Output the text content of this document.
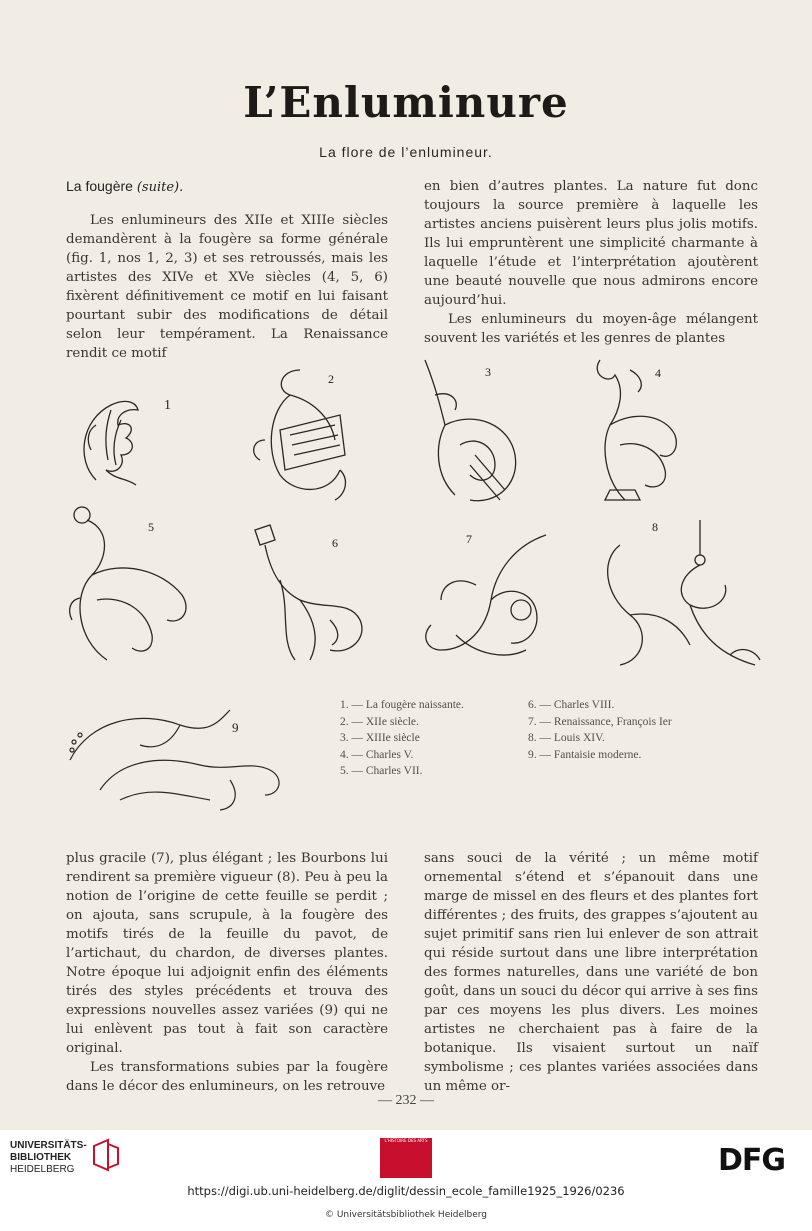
L’Enluminure
La flore de l’enlumineur.

La fougère (suite).

Les enlumineurs des XIIe et XIIIe siècles demandèrent à la fougère sa forme générale (fig. 1, nos 1, 2, 3) et ses retroussés, mais les artistes des XIVe et XVe siècles (4, 5, 6) fixèrent définitivement ce motif en lui faisant pourtant subir des modifications de détail selon leur tempérament. La Renaissance rendit ce motif

en bien d’autres plantes. La nature fut donc toujours la source première à laquelle les artistes anciens puisèrent leurs plus jolis motifs. Ils lui empruntèrent une simplicité charmante à laquelle l’étude et l’interprétation ajoutèrent une beauté nouvelle que nous admirons encore aujourd’hui.

Les enlumineurs du moyen-âge mélangent souvent les variétés et les genres de plantes

1
2	3	4
5
6	7
8
9
1. — La fougère naissante.
2. — XIIe siècle.
3. — XIIIe siècle
4. — Charles V.
5. — Charles VII.
6. — Charles VIII.
7. — Renaissance, François Ier
8. — Louis XIV.
9. — Fantaisie moderne.

plus gracile (7), plus élégant ; les Bourbons lui rendirent sa première vigueur (8). Peu à peu la notion de l’origine de cette feuille se perdit ; on ajouta, sans scrupule, à la fougère des motifs tirés de la feuille du pavot, de l’artichaut, du chardon, de diverses plantes. Notre époque lui adjoignit enfin des éléments tirés des styles précédents et trouva des expressions nouvelles assez variées (9) qui ne lui enlèvent pas tout à fait son caractère original.

Les transformations subies par la fougère dans le décor des enlumineurs, on les retrouve

sans souci de la vérité ; un même motif ornemental s’étend et s’épanouit dans une marge de missel en des fleurs et des plantes fort différentes ; des fruits, des grappes s’ajoutent au sujet primitif sans rien lui enlever de son attrait qui réside surtout dans une libre interprétation des formes naturelles, dans une variété de bon goût, dans un souci du décor qui arrive à ses fins par ces moyens les plus divers. Les moines artistes ne cherchaient pas à faire de la botanique. Ils visaient surtout un naïf symbolisme ; ces plantes variées associées dans un même or-

— 232 —
UNIVERSITÄTS-
BIBLIOTHEK
HEIDELBERG
L'HISTOIRE DES ARTS
DFG
https://digi.ub.uni-heidelberg.de/diglit/dessin_ecole_famille1925_1926/0236
© Universitätsbibliothek Heidelberg
